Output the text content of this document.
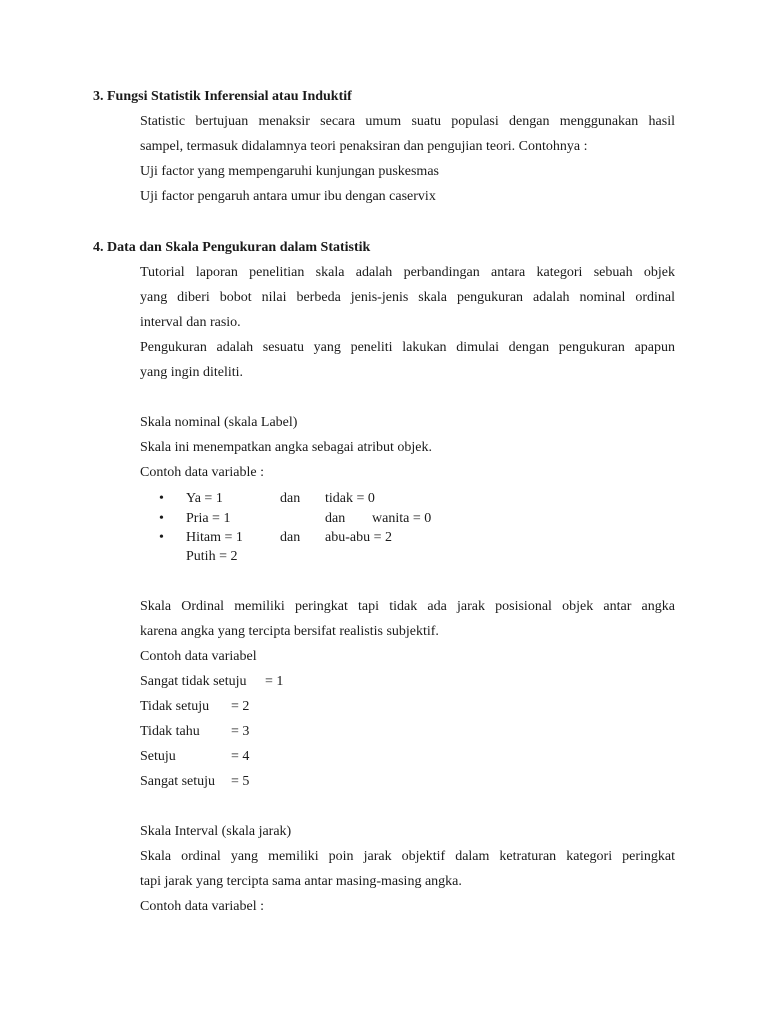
3. Fungsi Statistik Inferensial atau Induktif
Statistic bertujuan menaksir secara umum suatu populasi dengan menggunakan hasil
sampel, termasuk didalamnya teori penaksiran dan pengujian teori. Contohnya :
Uji factor yang mempengaruhi kunjungan puskesmas
Uji factor pengaruh antara umur ibu dengan caservix
4. Data dan Skala Pengukuran dalam Statistik
Tutorial laporan penelitian skala adalah perbandingan antara kategori sebuah objek
yang diberi bobot nilai berbeda jenis-jenis skala pengukuran adalah nominal ordinal
interval dan rasio.
Pengukuran adalah sesuatu yang peneliti lakukan dimulai dengan pengukuran apapun
yang ingin diteliti.
Skala nominal (skala Label)
Skala ini menempatkan angka sebagai atribut objek.
Contoh data variable :
•	Ya = 1	dan tidak = 0
•	Pria = 1	dan wanita = 0
•	Hitam = 1	dan abu-abu = 2
Putih = 2
Skala Ordinal memiliki peringkat tapi tidak ada jarak posisional objek antar angka
karena angka yang tercipta bersifat realistis subjektif.
Contoh data variabel
Sangat tidak setuju = 1
Tidak setuju = 2
Tidak tahu = 3
Setuju	= 4
Sangat setuju = 5
Skala Interval (skala jarak)
Skala ordinal yang memiliki poin jarak objektif dalam ketraturan kategori peringkat
tapi jarak yang tercipta sama antar masing-masing angka.
Contoh data variabel :
